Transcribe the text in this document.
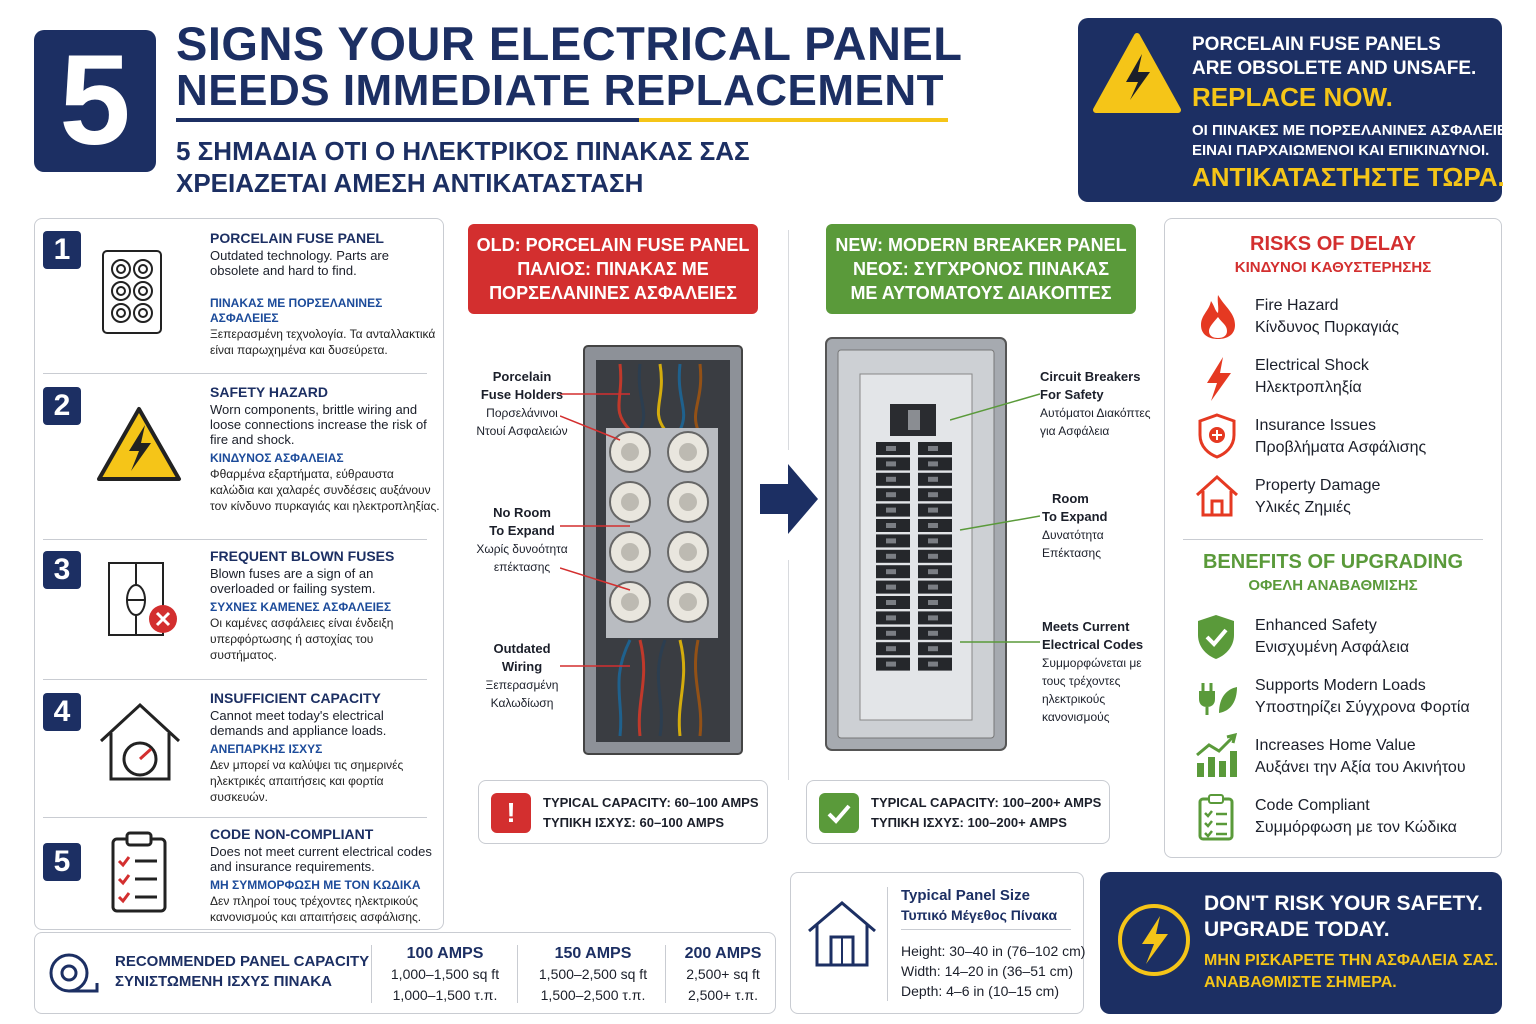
5 SIGNS YOUR ELECTRICAL PANEL
NEEDS IMMEDIATE REPLACEMENT
5 ΣΗΜΑΔΙΑ ΟΤΙ Ο ΗΛΕΚΤΡΙΚΟΣ ΠΙΝΑΚΑΣ ΣΑΣ
ΧΡΕΙΑΖΕΤΑΙ ΑΜΕΣΗ ΑΝΤΙΚΑΤΑΣΤΑΣΗ
PORCELAIN FUSE PANELS
ARE OBSOLETE AND UNSAFE.
REPLACE NOW.
ΟΙ ΠΙΝΑΚΕΣ ΜΕ ΠΟΡΣΕΛΑΝΙΝΕΣ ΑΣΦΑΛΕΙΕΣ
ΕΙΝΑΙ ΠΑΡΧΑΙΩΜΕΝΟΙ ΚΑΙ ΕΠΙΚΙΝΔΥΝΟΙ.
ΑΝΤΙΚΑΤΑΣΤΗΣΤΕ ΤΩΡΑ.
1	PORCELAIN FUSE PANEL
Outdated technology. Parts are obsolete and hard to find.
ΠΙΝΑΚΑΣ ΜΕ ΠΟΡΣΕΛΑΝΙΝΕΣ ΑΣΦΑΛΕΙΕΣ
Ξεπερασμένη τεχνολογία. Τα ανταλλακτικά είναι παρωχημένα και δυσεύρετα.
2	SAFETY HAZARD
Worn components, brittle wiring and loose connections increase the risk of fire and shock.
ΚΙΝΔΥΝΟΣ ΑΣΦΑΛΕΙΑΣ
Φθαρμένα εξαρτήματα, εύθραυστα καλώδια και χαλαρές συνδέσεις αυξάνουν τον κίνδυνο πυρκαγιάς και ηλεκτροπληξίας.
3	FREQUENT BLOWN FUSES
Blown fuses are a sign of an overloaded or failing system.
ΣΥΧΝΕΣ ΚΑΜΕΝΕΣ ΑΣΦΑΛΕΙΕΣ
Οι καμένες ασφάλειες είναι ένδειξη υπερφόρτωσης ή αστοχίας του συστήματος.
4	INSUFFICIENT CAPACITY
Cannot meet today's electrical demands and appliance loads.
ΑΝΕΠΑΡΚΗΣ ΙΣΧΥΣ
Δεν μπορεί να καλύψει τις σημερινές ηλεκτρικές απαιτήσεις και φορτία συσκευών.
5
CODE NON-COMPLIANT
Does not meet current electrical codes and insurance requirements.
ΜΗ ΣΥΜΜΟΡΦΩΣΗ ΜΕ ΤΟΝ ΚΩΔΙΚΑ
Δεν πληροί τους τρέχοντες ηλεκτρικούς κανονισμούς και απαιτήσεις ασφάλισης.
OLD: PORCELAIN FUSE PANEL
ΠΑΛΙΟΣ: ΠΙΝΑΚΑΣ ΜΕ
ΠΟΡΣΕΛΑΝΙΝΕΣ ΑΣΦΑΛΕΙΕΣ
Porcelain
Fuse Holders
Πορσελάνινοι
Ντουί Ασφαλειών
No Room
To Expand
Χωρίς δυνοότητα
επέκτασης
Outdated
Wiring
Ξεπερασμένη
Καλωδίωση
!	TYPICAL CAPACITY: 60–100 AMPS
ΤΥΠΙΚΗ ΙΣΧΥΣ: 60–100 AMPS
NEW: MODERN BREAKER PANEL
ΝΕΟΣ: ΣΥΓΧΡΟΝΟΣ ΠΙΝΑΚΑΣ
ΜΕ ΑΥΤΟΜΑΤΟΥΣ ΔΙΑΚΟΠΤΕΣ
Circuit Breakers
For Safety
Αυτόματοι Διακόπτες
για Ασφάλεια
Room
To Expand
Δυνατότητα
Επέκτασης
Meets Current
Electrical Codes
Συμμορφώνεται με
τους τρέχοντες
ηλεκτρικούς
κανονισμούς
TYPICAL CAPACITY: 100–200+ AMPS
ΤΥΠΙΚΗ ΙΣΧΥΣ: 100–200+ AMPS
RISKS OF DELAY
ΚΙΝΔΥΝΟΙ ΚΑΘΥΣΤΕΡΗΣΗΣ
Fire Hazard
Κίνδυνος Πυρκαγιάς
Electrical Shock
Ηλεκτροπληξία
Insurance Issues
Προβλήματα Ασφάλισης
Property Damage
Υλικές Ζημιές
BENEFITS OF UPGRADING
ΟΦΕΛΗ ΑΝΑΒΑΘΜΙΣΗΣ
Enhanced Safety
Ενισχυμένη Ασφάλεια
Supports Modern Loads
Υποστηρίζει Σύγχρονα Φορτία
Increases Home Value
Αυξάνει την Αξία του Ακινήτου
Code Compliant
Συμμόρφωση με τον Κώδικα
RECOMMENDED PANEL CAPACITY
ΣΥΝΙΣΤΩΜΕΝΗ ΙΣΧΥΣ ΠΙΝΑΚΑ
100 AMPS
1,000–1,500 sq ft
1,000–1,500 τ.π.
150 AMPS
1,500–2,500 sq ft
1,500–2,500 τ.π.
200 AMPS
2,500+ sq ft
2,500+ τ.π.
Typical Panel Size
Τυπικό Μέγεθος Πίνακα
Height: 30–40 in (76–102 cm)
Width: 14–20 in (36–51 cm)
Depth: 4–6 in (10–15 cm)
DON'T RISK YOUR SAFETY.
UPGRADE TODAY.
ΜΗΝ ΡΙΣΚΑΡΕΤΕ ΤΗΝ ΑΣΦΑΛΕΙΑ ΣΑΣ.
ΑΝΑΒΑΘΜΙΣΤΕ ΣΗΜΕΡΑ.
